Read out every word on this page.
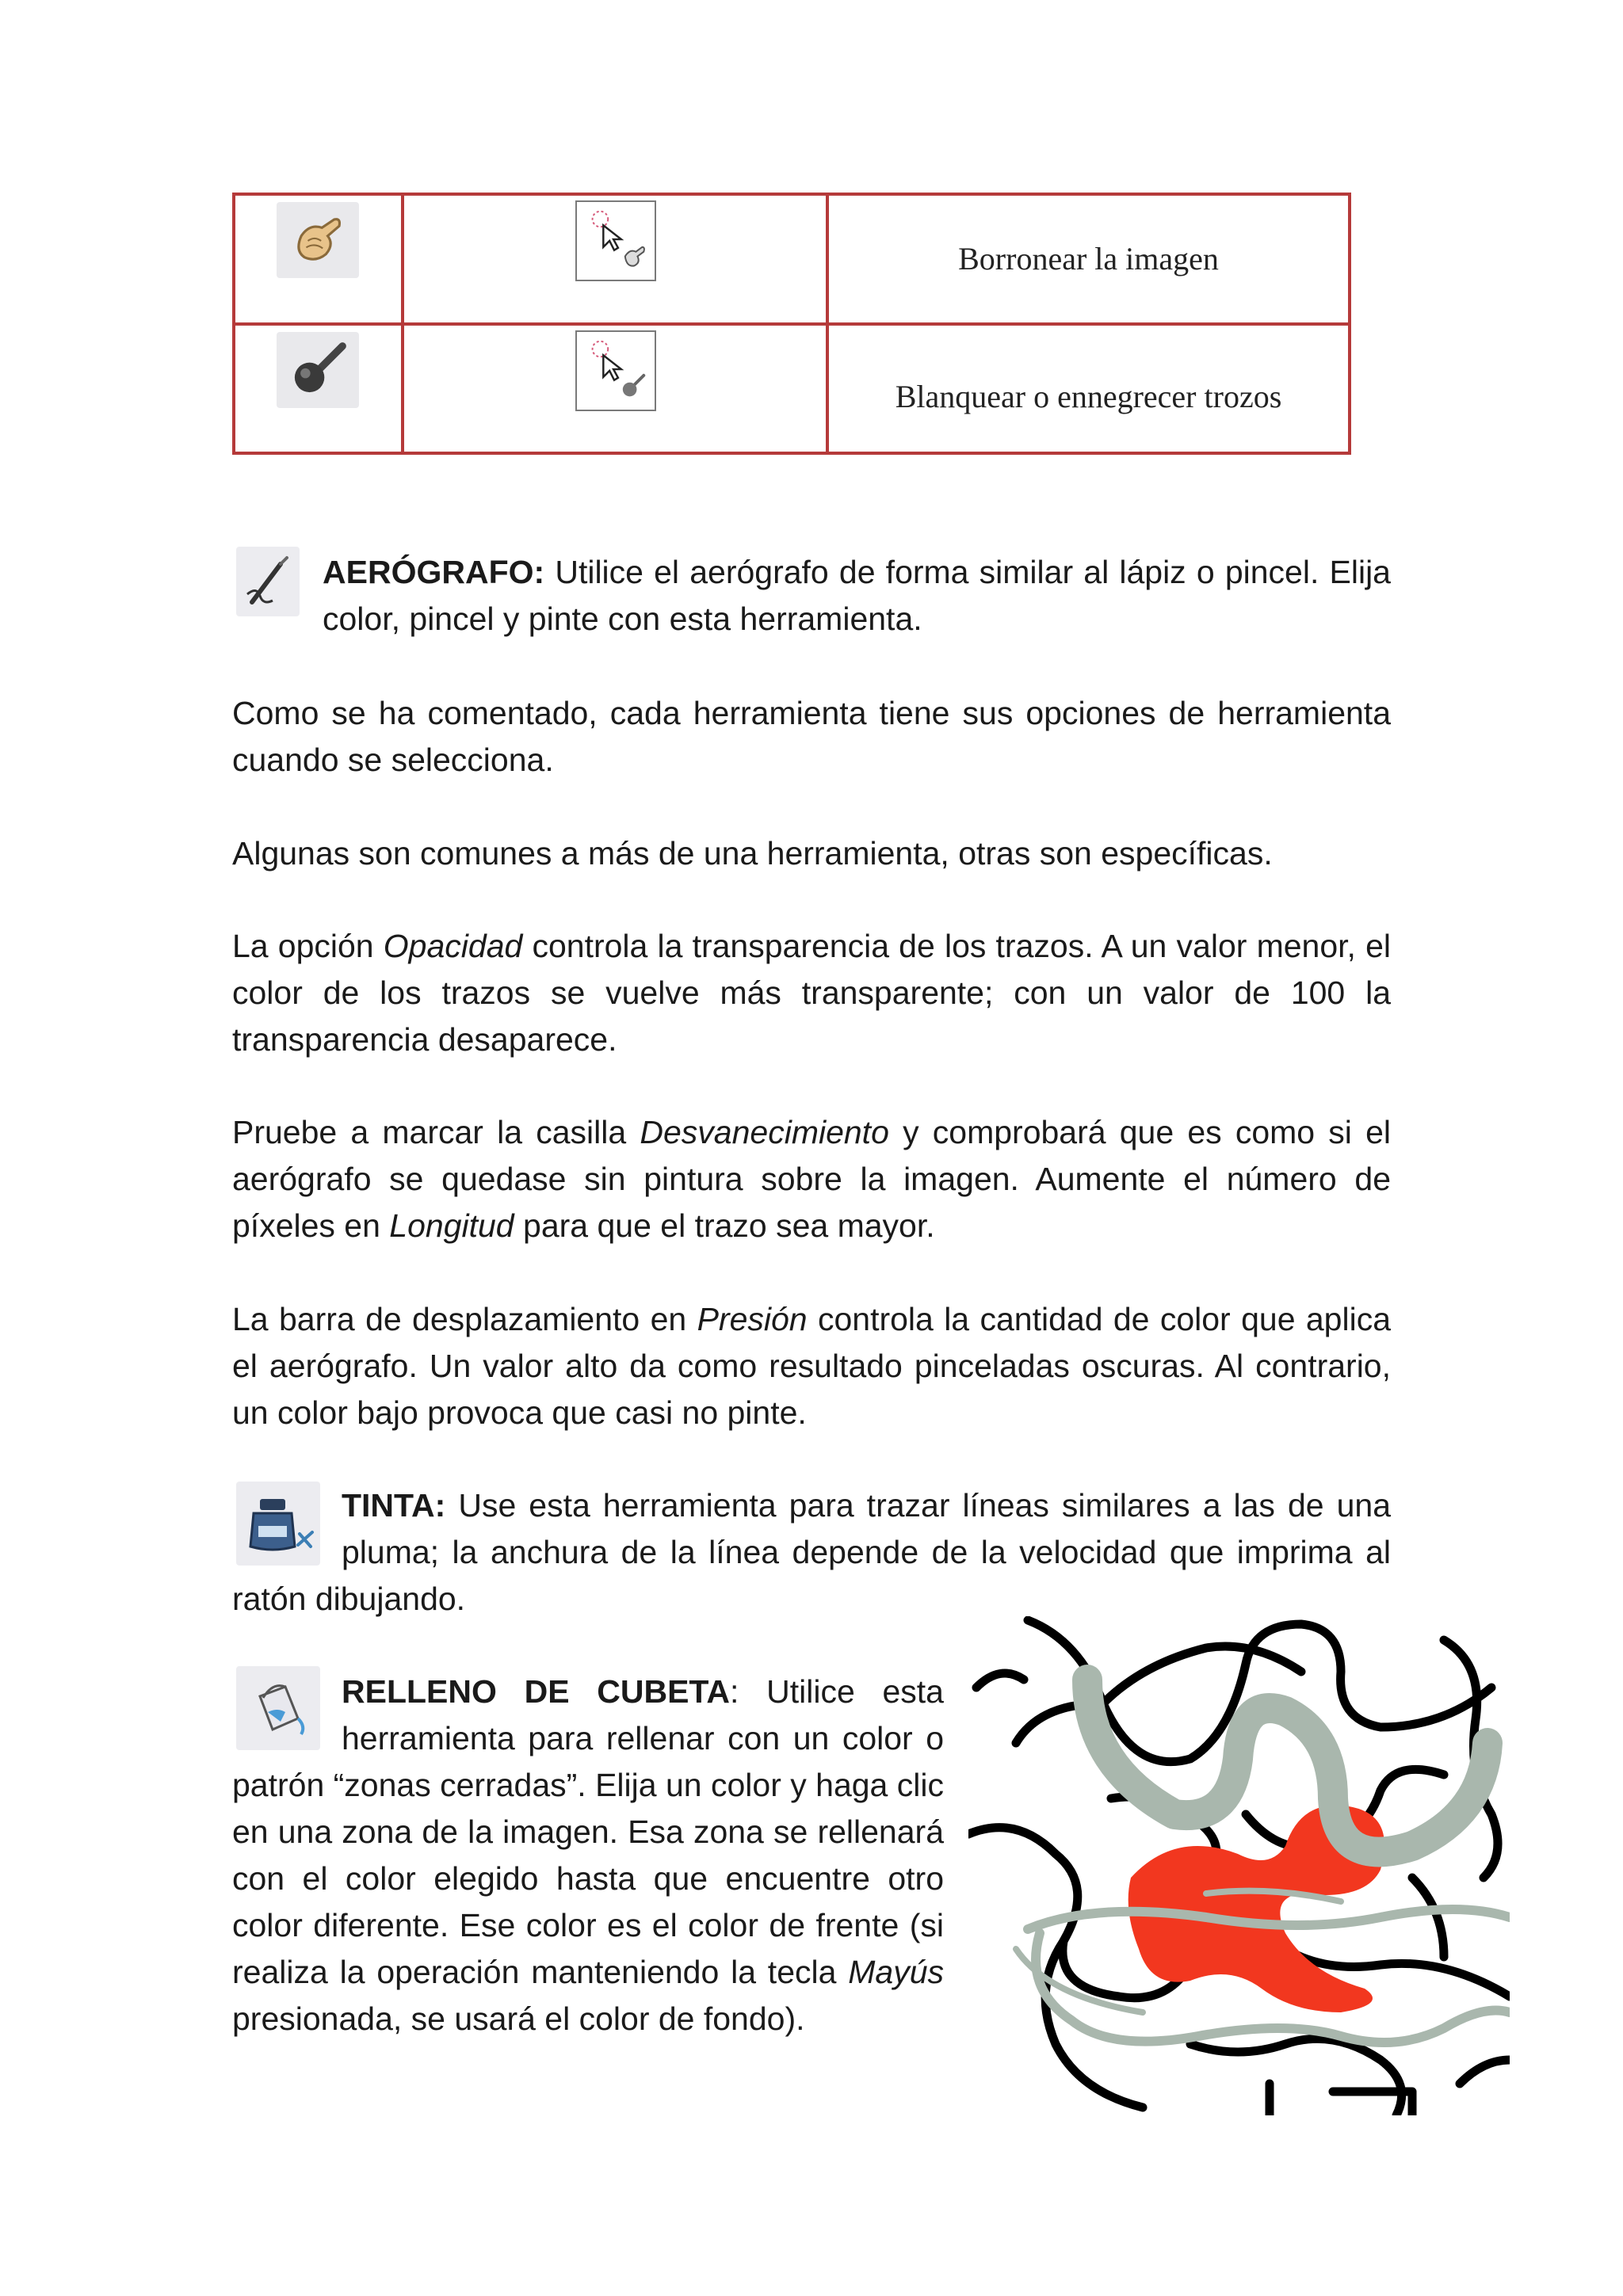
	Borronear la imagen

	Blanquear o ennegrecer trozos

AERÓGRAFO: Utilice el aerógrafo de forma similar al lápiz o pincel. Elija color, pincel y pinte con esta herramienta.

Como se ha comentado, cada herramienta tiene sus opciones de herramienta cuando se selecciona.

Algunas son comunes a más de una herramienta, otras son específicas.

La opción Opacidad controla la transparencia de los trazos. A un valor menor, el color de los trazos se vuelve más transparente; con un valor de 100 la transparencia desaparece.

Pruebe a marcar la casilla Desvanecimiento y comprobará que es como si el aerógrafo se quedase sin pintura sobre la imagen. Aumente el número de píxeles en Longitud para que el trazo sea mayor.

La barra de desplazamiento en Presión controla la cantidad de color que aplica el aerógrafo. Un valor alto da como resultado pinceladas oscuras. Al contrario, un color bajo provoca que casi no pinte.

TINTA: Use esta herramienta para trazar líneas similares a las de una pluma; la anchura de la línea depende de la velocidad que imprima al ratón dibujando.

RELLENO DE CUBETA: Utilice esta herramienta para rellenar con un color o patrón “zonas cerradas”. Elija un color y haga clic en una zona de la imagen. Esa zona se rellenará con el color elegido hasta que encuentre otro color diferente. Ese color es el color de frente (si realiza la operación manteniendo la tecla Mayús presionada, se usará el color de fondo).
